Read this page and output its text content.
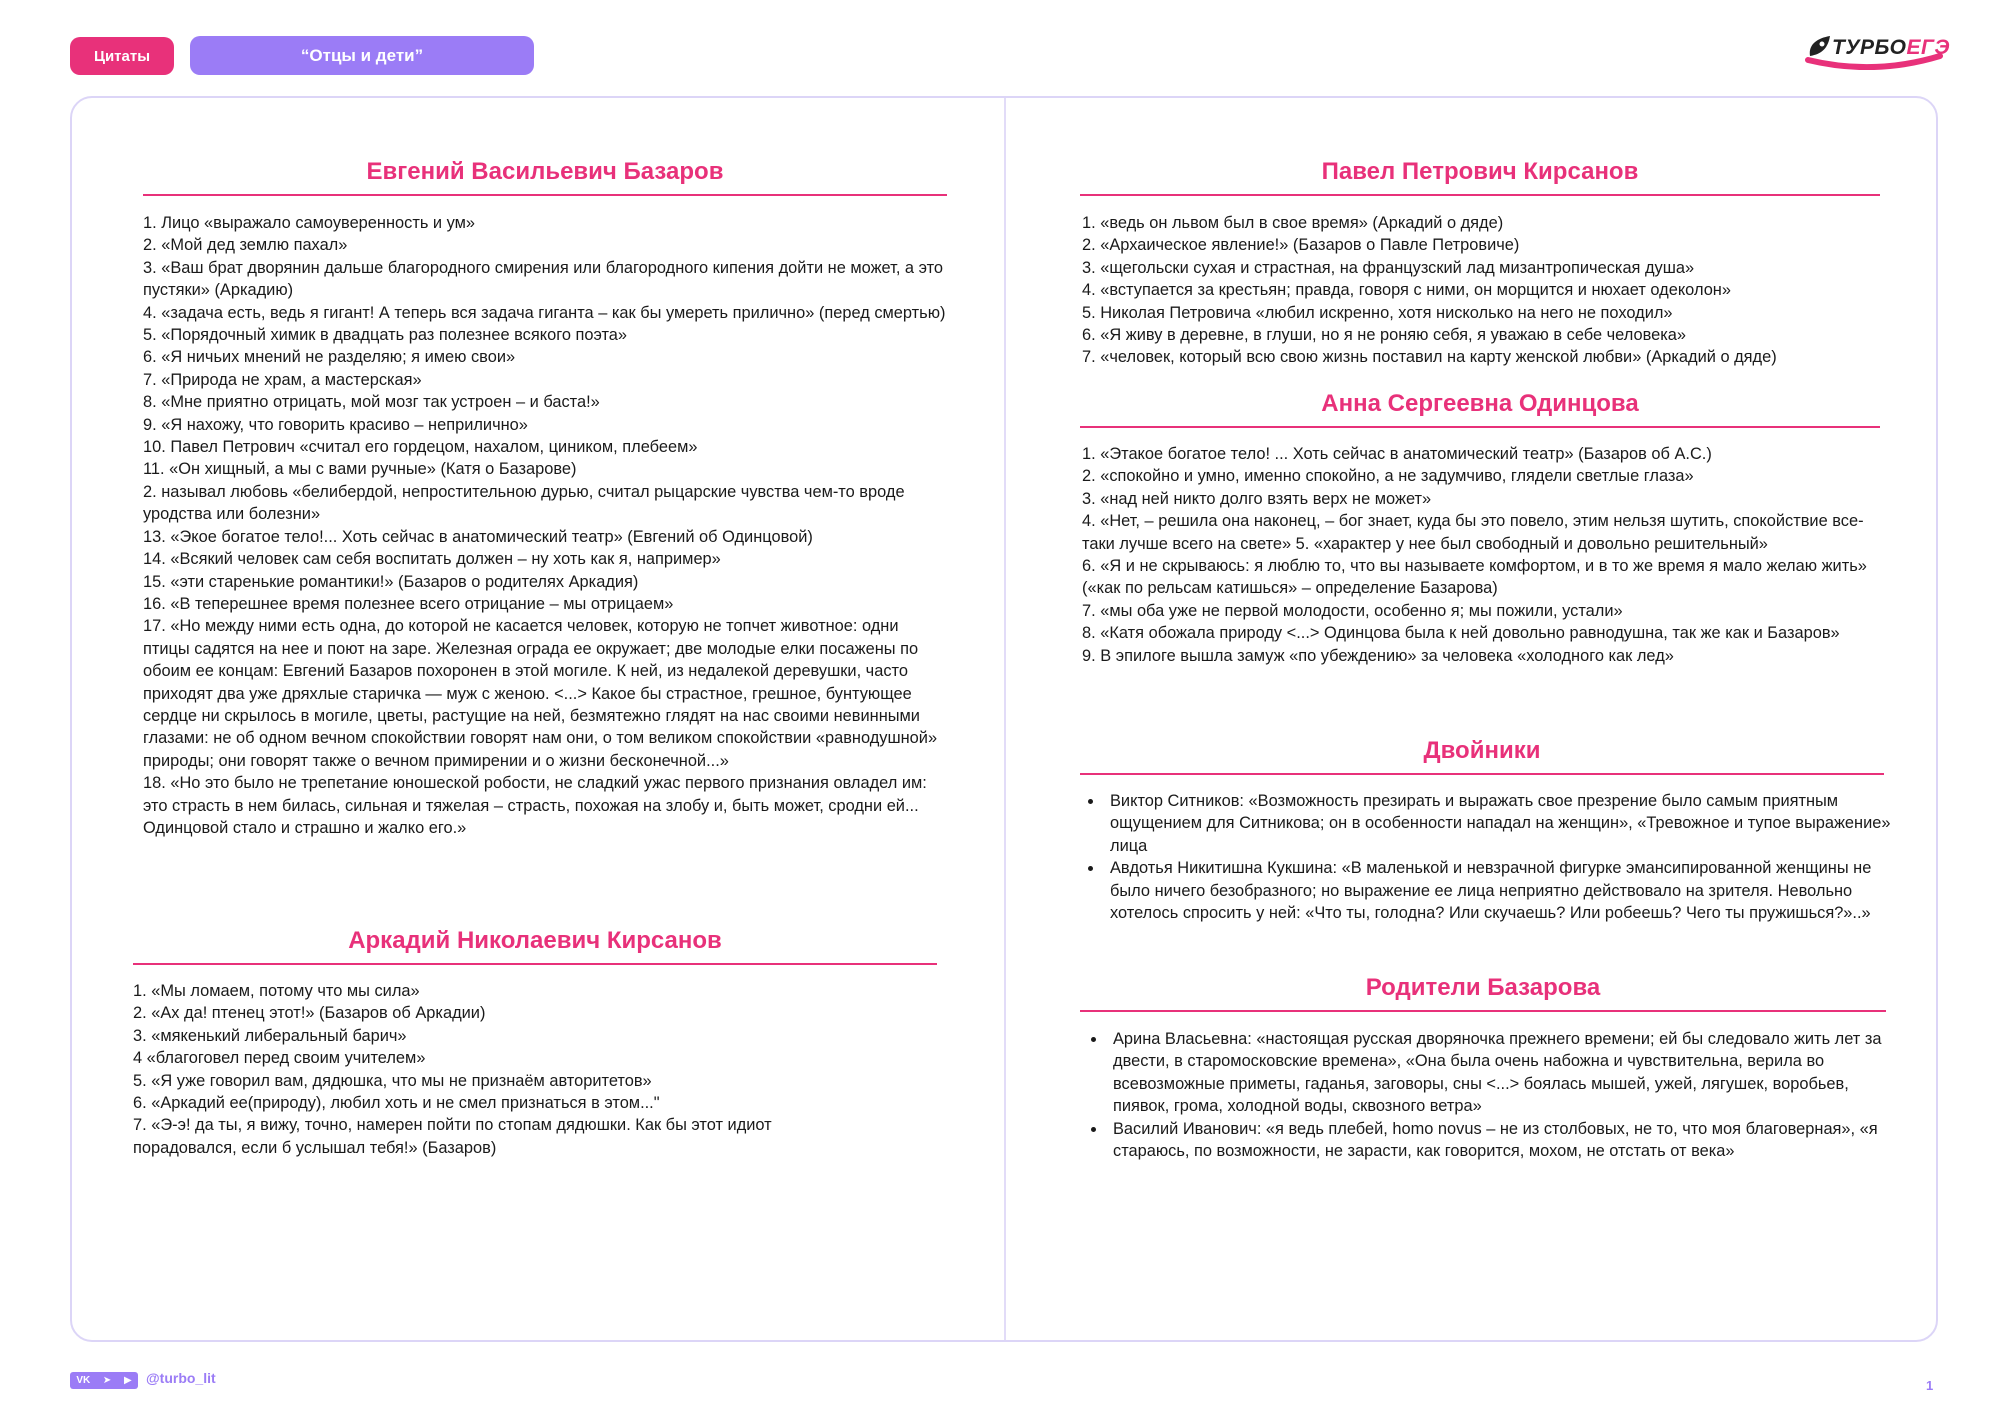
Цитаты	“Отцы и дети”	ТУРБОЕГЭ
Евгений Васильевич Базаров

1. Лицо «выражало самоуверенность и ум»

2. «Мой дед землю пахал»

3. «Ваш брат дворянин дальше благородного смирения или благородного кипения дойти не может, а это пустяки» (Аркадию)

4. «задача есть, ведь я гигант! А теперь вся задача гиганта – как бы умереть прилично» (перед смертью)

5. «Порядочный химик в двадцать раз полезнее всякого поэта»

6. «Я ничьих мнений не разделяю; я имею свои»

7. «Природа не храм, а мастерская»

8. «Мне приятно отрицать, мой мозг так устроен – и баста!»

9. «Я нахожу, что говорить красиво – неприлично»

10. Павел Петрович «считал его гордецом, нахалом, циником, плебеем»

11. «Он хищный, а мы с вами ручные» (Катя о Базарове)

2. называл любовь «белибердой, непростительною дурью, считал рыцарские чувства чем-то вроде уродства или болезни»

13. «Экое богатое тело!... Хоть сейчас в анатомический театр» (Евгений об Одинцовой)

14. «Всякий человек сам себя воспитать должен – ну хоть как я, например»

15. «эти старенькие романтики!» (Базаров о родителях Аркадия)

16. «В теперешнее время полезнее всего отрицание – мы отрицаем»

17. «Но между ними есть одна, до которой не касается человек, которую не топчет животное: одни птицы садятся на нее и поют на заре. Железная ограда ее окружает; две молодые елки посажены по обоим ее концам: Евгений Базаров похоронен в этой могиле. К ней, из недалекой деревушки, часто приходят два уже дряхлые старичка — муж с женою. <...> Какое бы страстное, грешное, бунтующее сердце ни скрылось в могиле, цветы, растущие на ней, безмятежно глядят на нас своими невинными глазами: не об одном вечном спокойствии говорят нам они, о том великом спокойствии «равнодушной» природы; они говорят также о вечном примирении и о жизни бесконечной...»

18. «Но это было не трепетание юношеской робости, не сладкий ужас первого признания овладел им: это страсть в нем билась, сильная и тяжелая – страсть, похожая на злобу и, быть может, сродни ей... Одинцовой стало и страшно и жалко его.»

Аркадий Николаевич Кирсанов

1. «Мы ломаем, потому что мы сила»

2. «Ах да! птенец этот!» (Базаров об Аркадии)

3. «мякенький либеральный барич»

4 «благоговел перед своим учителем»

5. «Я уже говорил вам, дядюшка, что мы не признаём авторитетов»

6. «Аркадий ее(природу), любил хоть и не смел признаться в этом..."

7. «Э-э! да ты, я вижу, точно, намерен пойти по стопам дядюшки. Как бы этот идиот порадовался, если б услышал тебя!» (Базаров)

Павел Петрович Кирсанов

1. «ведь он львом был в свое время» (Аркадий о дяде)

2. «Архаическое явление!» (Базаров о Павле Петровиче)

3. «щегольски сухая и страстная, на французский лад мизантропическая душа»

4. «вступается за крестьян; правда, говоря с ними, он морщится и нюхает одеколон»

5. Николая Петровича «любил искренно, хотя нисколько на него не походил»

6. «Я живу в деревне, в глуши, но я не роняю себя, я уважаю в себе человека»

7. «человек, который всю свою жизнь поставил на карту женской любви» (Аркадий о дяде)

Анна Сергеевна Одинцова

1. «Этакое богатое тело! ... Хоть сейчас в анатомический театр» (Базаров об А.С.)

2. «спокойно и умно, именно спокойно, а не задумчиво, глядели светлые глаза»

3. «над ней никто долго взять верх не может»

4. «Нет, – решила она наконец, – бог знает, куда бы это повело, этим нельзя шутить, спокойствие все-таки лучше всего на свете» 5. «характер у нее был свободный и довольно решительный»

6. «Я и не скрываюсь: я люблю то, что вы называете комфортом, и в то же время я мало желаю жить» («как по рельсам катишься» – определение Базарова)

7. «мы оба уже не первой молодости, особенно я; мы пожили, устали»

8. «Катя обожала природу <...> Одинцова была к ней довольно равнодушна, так же как и Базаров»

9. В эпилоге вышла замуж «по убеждению» за человека «холодного как лед»

Двойники
• Виктор Ситников: «Возможность презирать и выражать свое презрение было самым приятным ощущением для Ситникова; он в особенности нападал на женщин», «Тревожное и тупое выражение» лица
• Авдотья Никитишна Кукшина: «В маленькой и невзрачной фигурке эмансипированной женщины не было ничего безобразного; но выражение ее лица неприятно действовало на зрителя. Невольно хотелось спросить у ней: «Что ты, голодна? Или скучаешь? Или робеешь? Чего ты пружишься?»..»
Родители Базарова
• Арина Власьевна: «настоящая русская дворяночка прежнего времени; ей бы следовало жить лет за двести, в старомосковские времена», «Она была очень набожна и чувствительна, верила во всевозможные приметы, гаданья, заговоры, сны <...> боялась мышей, ужей, лягушек, воробьев, пиявок, грома, холодной воды, сквозного ветра»
• Василий Иванович: «я ведь плебей, homo novus – не из столбовых, не то, что моя благоверная», «я стараюсь, по возможности, не зарасти, как говорится, мохом, не отстать от века»
VK ➤ ▶ @turbo_lit	1
